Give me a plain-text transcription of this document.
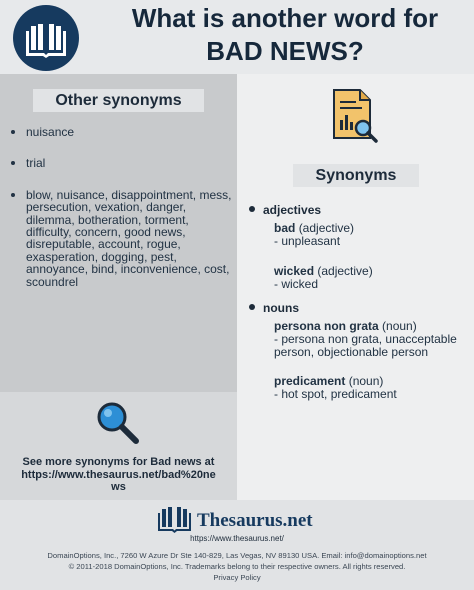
What is another word for
BAD NEWS?
Other synonyms
nuisance
trial
blow, nuisance, disappointment, mess, persecution, vexation, danger, dilemma, botheration, torment, difficulty, concern, good news, disreputable, account, rogue, exasperation, dogging, pest, annoyance, bind, inconvenience, cost, scoundrel
Synonyms
adjectives
bad (adjective)
- unpleasant
wicked (adjective)
- wicked
nouns
persona non grata (noun)
- persona non grata, unacceptable person, objectionable person
predicament (noun)
- hot spot, predicament
See more synonyms for Bad news at
https://www.thesaurus.net/bad%20ne
ws
Thesaurus.net
https://www.thesaurus.net/
DomainOptions, Inc., 7260 W Azure Dr Ste 140-829, Las Vegas, NV 89130 USA. Email: info@domainoptions.net
© 2011-2018 DomainOptions, Inc. Trademarks belong to their respective owners. All rights reserved.
Privacy Policy
